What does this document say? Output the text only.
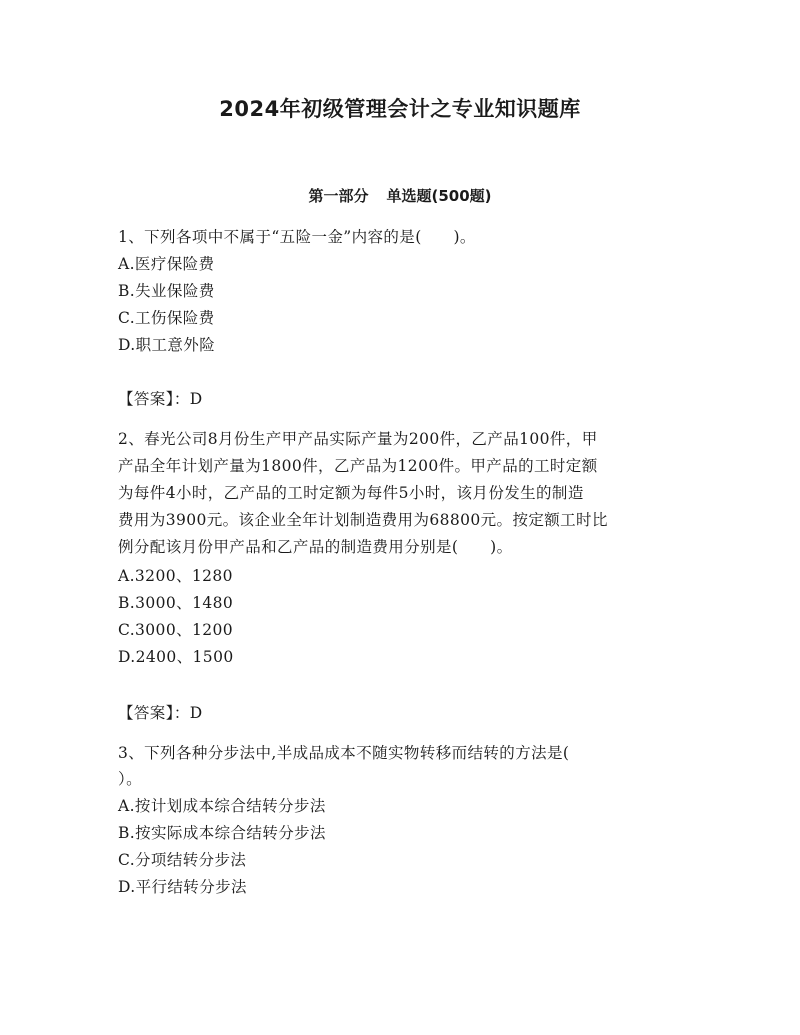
2024年初级管理会计之专业知识题库
第一部分 单选题(500题)
1、下列各项中不属于“五险一金”内容的是(　　)。
A.医疗保险费
B.失业保险费
C.工伤保险费
D.职工意外险
【答案】：D
2、春光公司8月份生产甲产品实际产量为200件，乙产品100件，甲
产品全年计划产量为1800件，乙产品为1200件。甲产品的工时定额
为每件4小时，乙产品的工时定额为每件5小时，该月份发生的制造
费用为3900元。该企业全年计划制造费用为68800元。按定额工时比
例分配该月份甲产品和乙产品的制造费用分别是(　　)。
A.3200、1280
B.3000、1480
C.3000、1200
D.2400、1500
【答案】：D
3、下列各种分步法中,半成品成本不随实物转移而结转的方法是(
）。
A.按计划成本综合结转分步法
B.按实际成本综合结转分步法
C.分项结转分步法
D.平行结转分步法
